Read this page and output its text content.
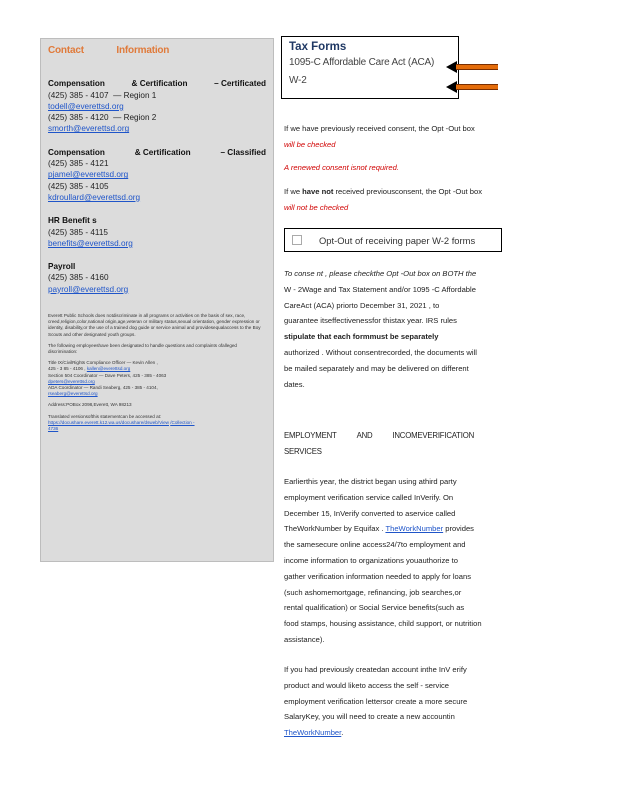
Contact	Information
Compensation	& Certification	– Certificated
(425) 385 - 4107 — Region 1
todell@everettsd.org
(425) 385 - 4120 — Region 2
smorth@everettsd.org
Compensation	& Certification	– Classified
(425) 385 - 4121
pjamel@everettsd.org
(425) 385 - 4105
kdroullard@everettsd.org
HR Benefit s
(425) 385 - 4115
benefits@everettsd.org
Payroll
(425) 385 - 4160
payroll@everettsd.org

Everett Public Schools does notdiscriminate in all programs or activities on the basis of sex, race, creed,religion,color,national origin,age,veteran or military status,sexual orientation, gender expression or identity, disability,or the use of a trained dog guide or service animal and providesequalaccess to the Boy Scouts and other designated youth groups.

The following employeeshave been designated to handle questions and complaints ofalleged discrimination:

Title IX/CivilRights Compliance Officer — Kevin Allen ,
425 - 3 85 - 4106 , kallen@everettsd.org
Section 504 Coordinator — Dave Peters, 425 - 385 - 4063
dpeters@everettsd.org
ADA Coordinator — Randi Seaberg, 425 - 385 - 4104,
rseaberg@everettsd.org

Address:POBox 2098,Everett, WA 98213

Translated versionsofthis statementcan be accessed at:
https://docushare.everett.k12.wa.us/docushare/dsweb/View /Collection -
4736

Tax Forms
1095-C Affordable Care Act (ACA)
W-2
If we have previously received consent, the Opt -Out box
will be checked
A renewed consent isnot required.
If we have not received previousconsent, the Opt -Out box
will not be checked
Opt-Out of receiving paper W-2 forms
To conse nt , please checkthe Opt -Out box on BOTH the
W - 2Wage and Tax Statement and/or 1095 -C Affordable
CareAct (ACA) priorto December 31, 2021 , to
guarantee itseffectivenessfor thistax year. IRS rules
stipulate that each formmust be separately
authorized . Without consentrecorded, the documents will
be mailed separately and may be delivered on different
dates.
EMPLOYMENT	AND	INCOMEVERIFICATION
SERVICES
Earlierthis year, the district began using athird party
employment verification service called InVerify. On
December 15, InVerify converted to aservice called
TheWorkNumber by Equifax . TheWorkNumber provides
the samesecure online access24/7to employment and
income information to organizations youauthorize to
gather verification information needed to apply for loans
(such ashomemortgage, refinancing, job searches,or
rental qualification) or Social Service benefits(such as
food stamps, housing assistance, child support, or nutrition
assistance).
If you had previously createdan account inthe InV erify
product and would liketo access the self - service
employment verification lettersor create a more secure
SalaryKey, you will need to create a new accountin
TheWorkNumber.
